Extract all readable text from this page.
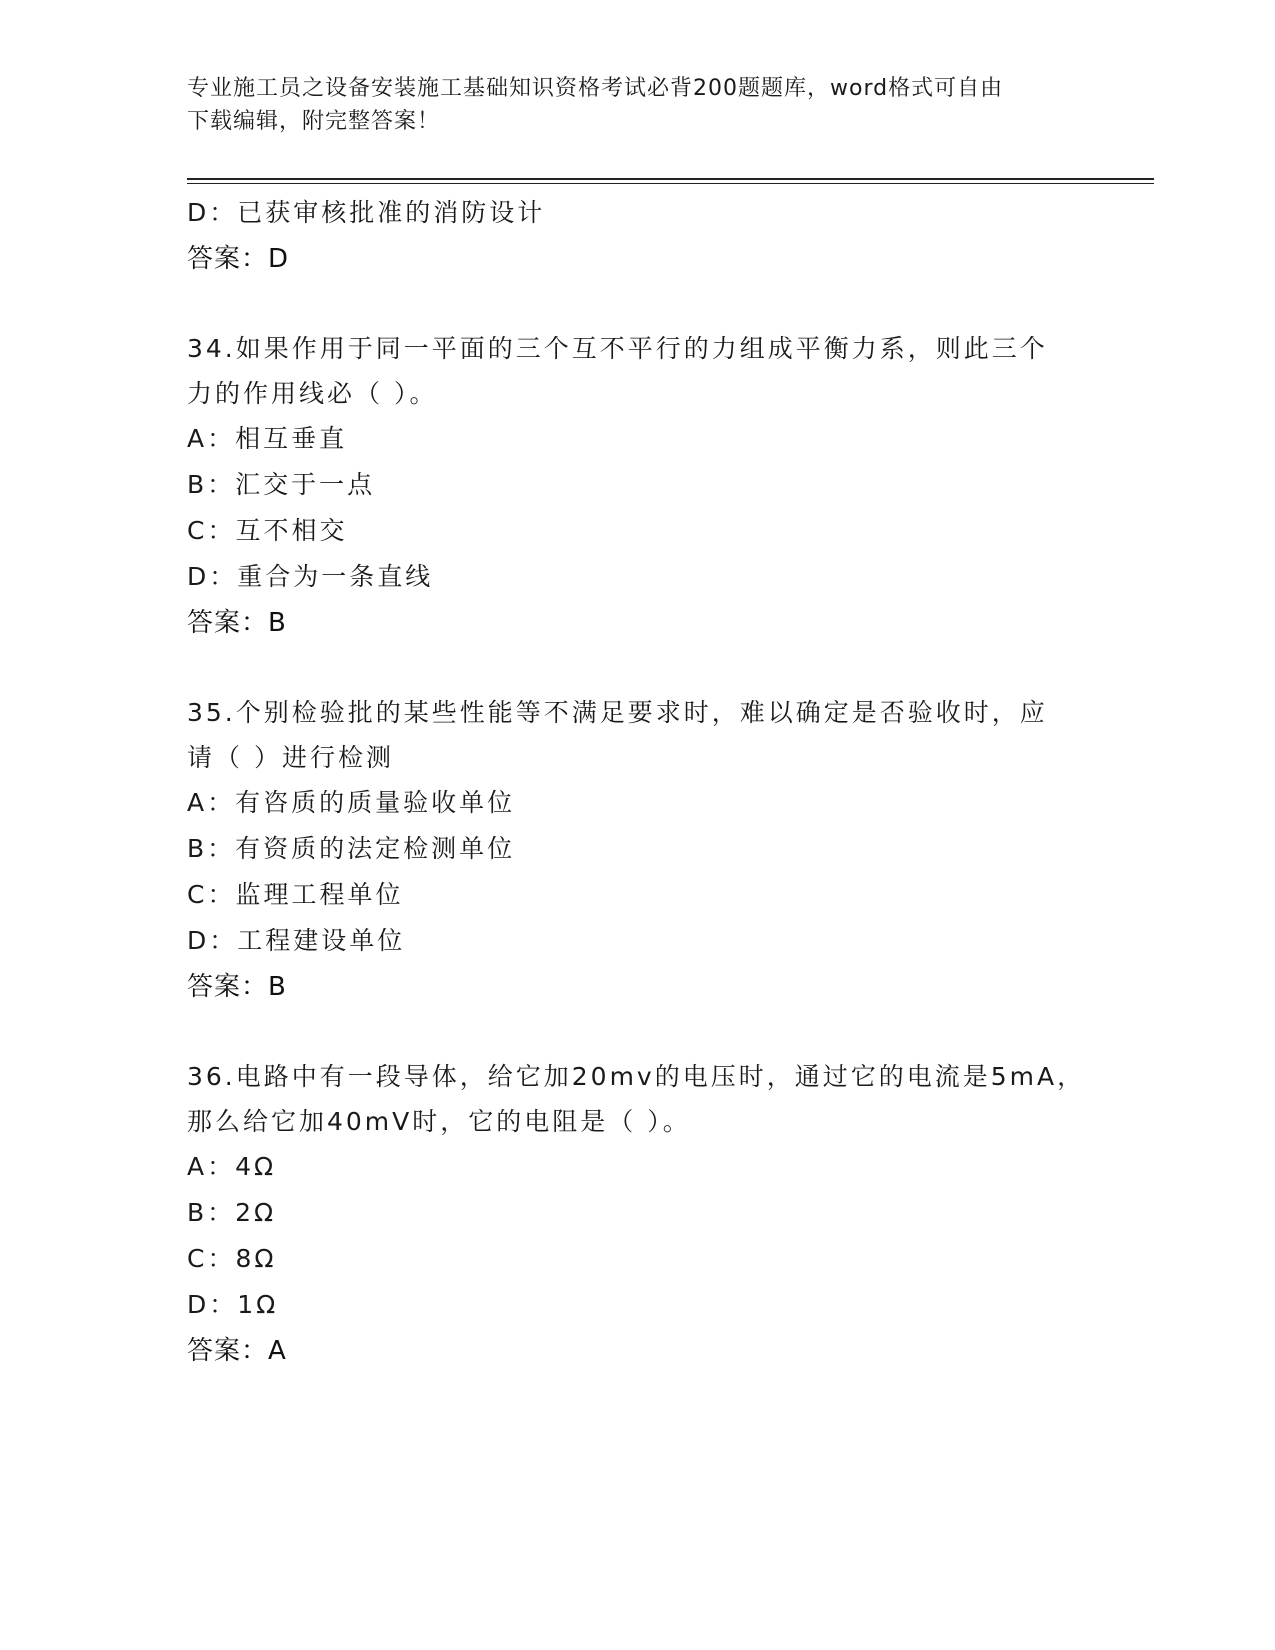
专业施工员之设备安装施工基础知识资格考试必背200题题库，word格式可自由
下载编辑，附完整答案！
D：已获审核批准的消防设计
答案：D
34.如果作用于同一平面的三个互不平行的力组成平衡力系，则此三个
力的作用线必（ ）。
A：相互垂直
B：汇交于一点
C：互不相交
D：重合为一条直线
答案：B
35.个别检验批的某些性能等不满足要求时，难以确定是否验收时，应
请（ ）进行检测
A：有咨质的质量验收单位
B：有资质的法定检测单位
C：监理工程单位
D：工程建设单位
答案：B
36.电路中有一段导体，给它加20mv的电压时，通过它的电流是5mA，
那么给它加40mV时，它的电阻是（ ）。
A：4Ω
B：2Ω
C：8Ω
D：1Ω
答案：A
